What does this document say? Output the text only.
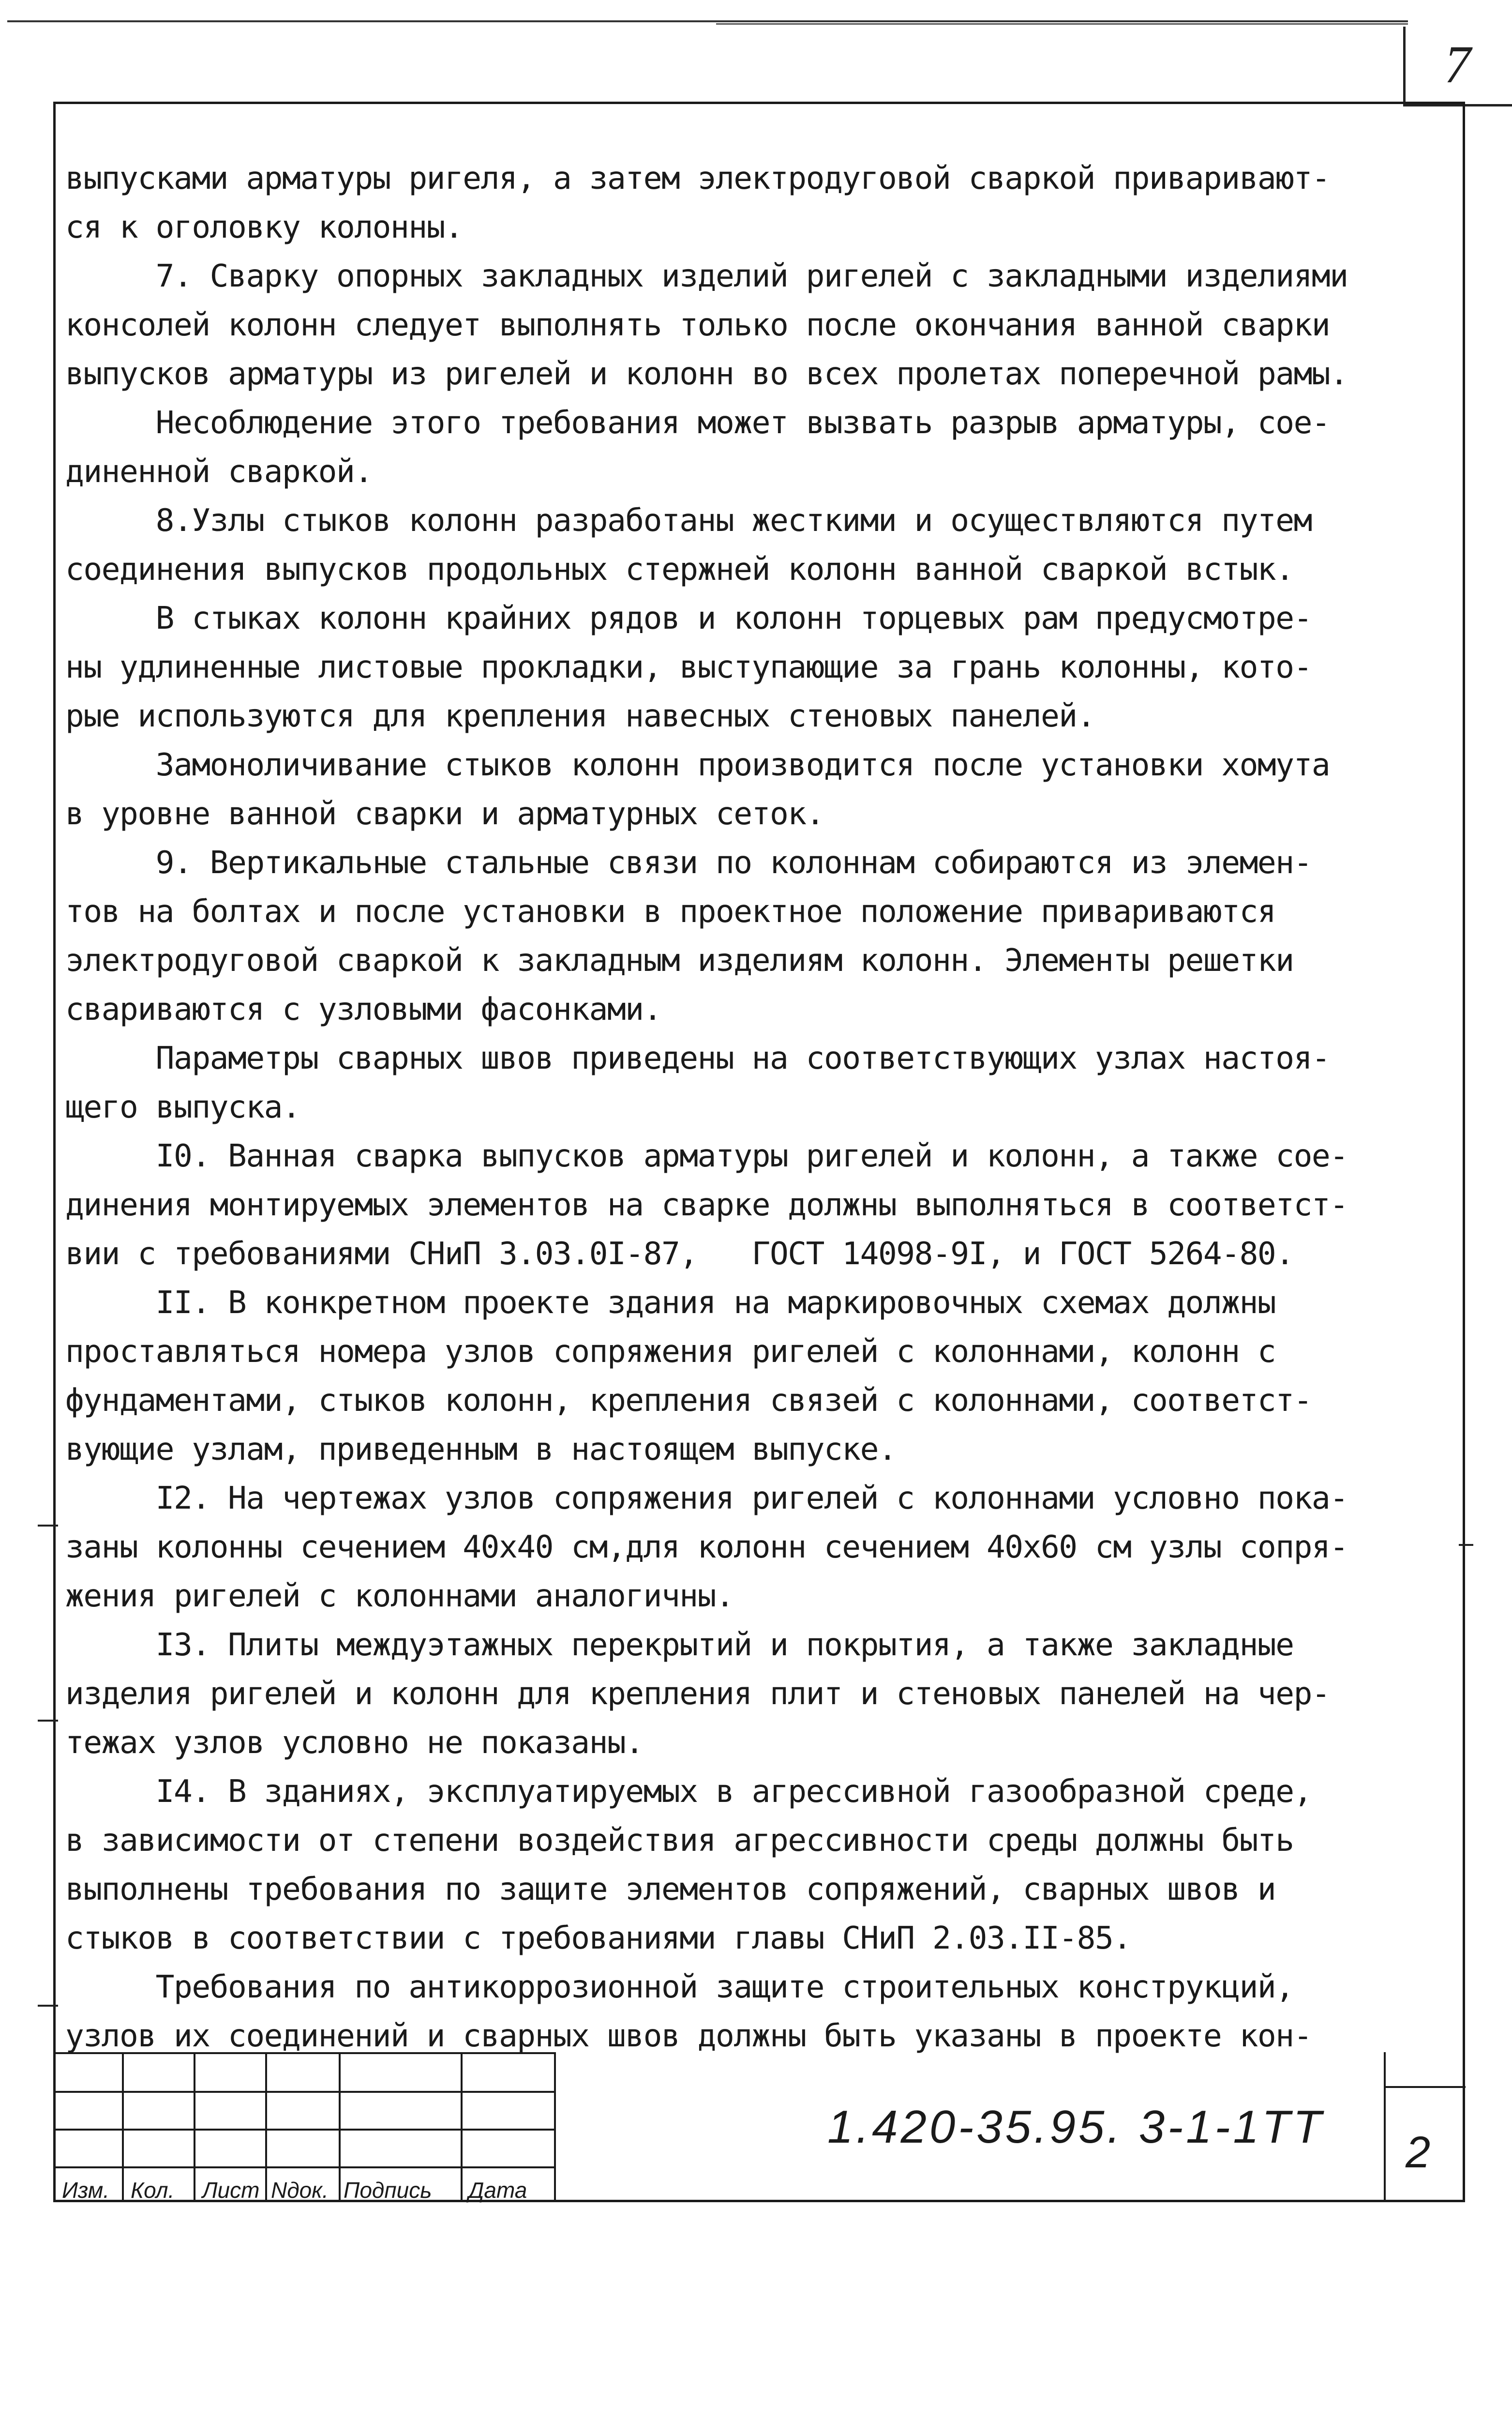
7

выпусками арматуры ригеля, а затем электродуговой сваркой приваривают-

ся к оголовку колонны.

7. Сварку опорных закладных изделий ригелей с закладными изделиями

консолей колонн следует выполнять только после окончания ванной сварки

выпусков арматуры из ригелей и колонн во всех пролетах поперечной рамы.

Несоблюдение этого требования может вызвать разрыв арматуры, сое-

диненной сваркой.

8.Узлы стыков колонн разработаны жесткими и осуществляются путем

соединения выпусков продольных стержней колонн ванной сваркой встык.

В стыках колонн крайних рядов и колонн торцевых рам предусмотре-

ны удлиненные листовые прокладки, выступающие за грань колонны, кото-

рые используются для крепления навесных стеновых панелей.

Замоноличивание стыков колонн производится после установки хомута

в уровне ванной сварки и арматурных сеток.

9. Вертикальные стальные связи по колоннам собираются из элемен-

тов на болтах и после установки в проектное положение привариваются

электродуговой сваркой к закладным изделиям колонн. Элементы решетки

свариваются с узловыми фасонками.

Параметры сварных швов приведены на соответствующих узлах настоя-

щего выпуска.

I0. Ванная сварка выпусков арматуры ригелей и колонн, а также сое-

динения монтируемых элементов на сварке должны выполняться в соответст-

вии с требованиями СНиП 3.03.0I-87,   ГОСТ 14098-9I, и ГОСТ 5264-80.

II. В конкретном проекте здания на маркировочных схемах должны

проставляться номера узлов сопряжения ригелей с колоннами, колонн с

фундаментами, стыков колонн, крепления связей с колоннами, соответст-

вующие узлам, приведенным в настоящем выпуске.

I2. На чертежах узлов сопряжения ригелей с колоннами условно пока-

заны колонны сечением 40x40 см,для колонн сечением 40x60 см узлы сопря-

жения ригелей с колоннами аналогичны.

I3. Плиты междуэтажных перекрытий и покрытия, а также закладные

изделия ригелей и колонн для крепления плит и стеновых панелей на чер-

тежах узлов условно не показаны.

I4. В зданиях, эксплуатируемых в агрессивной газообразной среде,

в зависимости от степени воздействия агрессивности среды должны быть

выполнены требования по защите элементов сопряжений, сварных швов и

стыков в соответствии с требованиями главы СНиП 2.03.II-85.

Требования по антикоррозионной защите строительных конструкций,

узлов их соединений и сварных швов должны быть указаны в проекте кон-

Изм. Кол. Лист Nдок. Подпись Дата
1.420-35.95. 3-1-1ТТ 2
